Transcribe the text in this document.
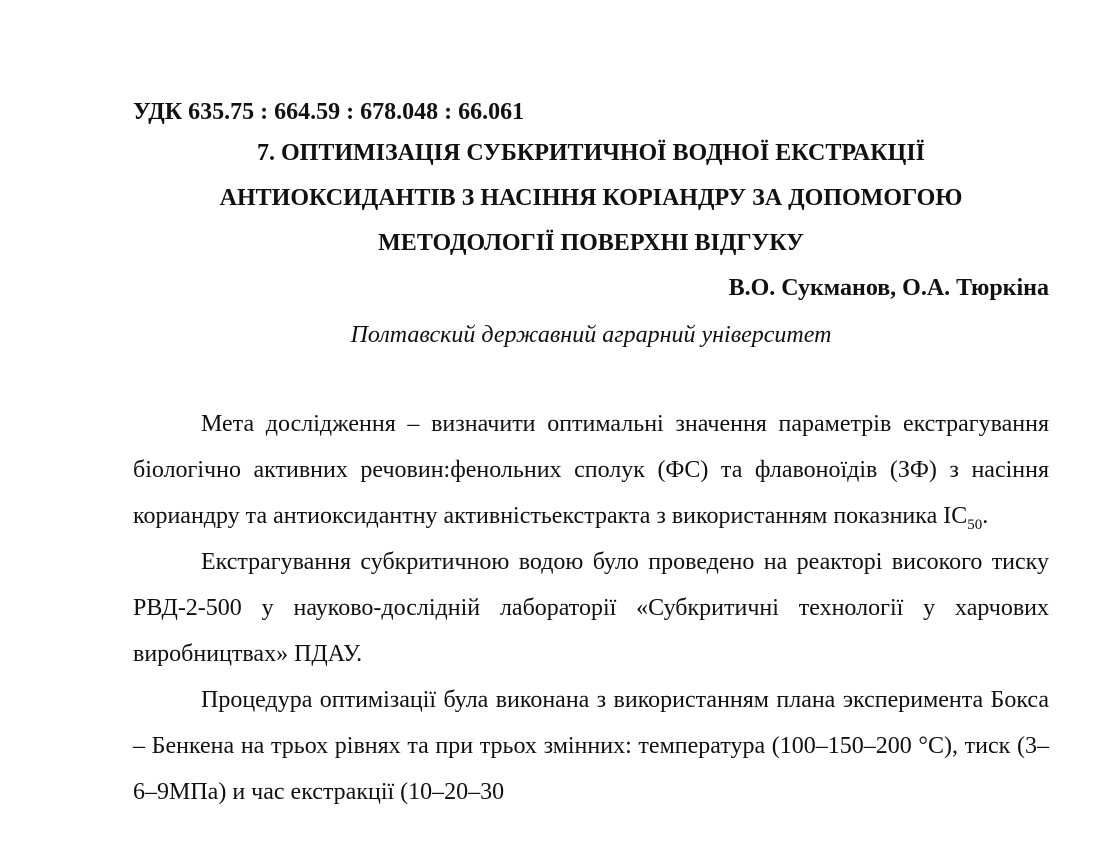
УДК 635.75 : 664.59 : 678.048 : 66.061

7. ОПТИМІЗАЦІЯ СУБКРИТИЧНОЇ ВОДНОЇ ЕКСТРАКЦІЇ
АНТИОКСИДАНТІВ З НАСІННЯ КОРІАНДРУ ЗА ДОПОМОГОЮ
МЕТОДОЛОГІЇ ПОВЕРХНІ ВІДГУКУ

В.О. Сукманов, О.А. Тюркіна

Полтавский державний аграрний університет

Мета дослідження – визначити оптимальні значення параметрів екстрагування біологічно активних речовин:фенольних сполук (ФС) та флавоноїдів (ЗФ) з насіння кориандру та антиоксидантну активністьекстракта з використанням показника $IC_{50}$.

Екстрагування субкритичною водою було проведено на реакторі високого тиску РВД-2-500 у науково-дослідній лабораторії «Субкритичні технології у харчових виробництвах» ПДАУ.

Процедура оптимізації була виконана з використанням плана эксперимента Бокса – Бенкена на трьох рівнях та при трьох змінних: температура (100–150–200 °С), тиск (3–6–9МПа) и час екстракції (10–20–30
